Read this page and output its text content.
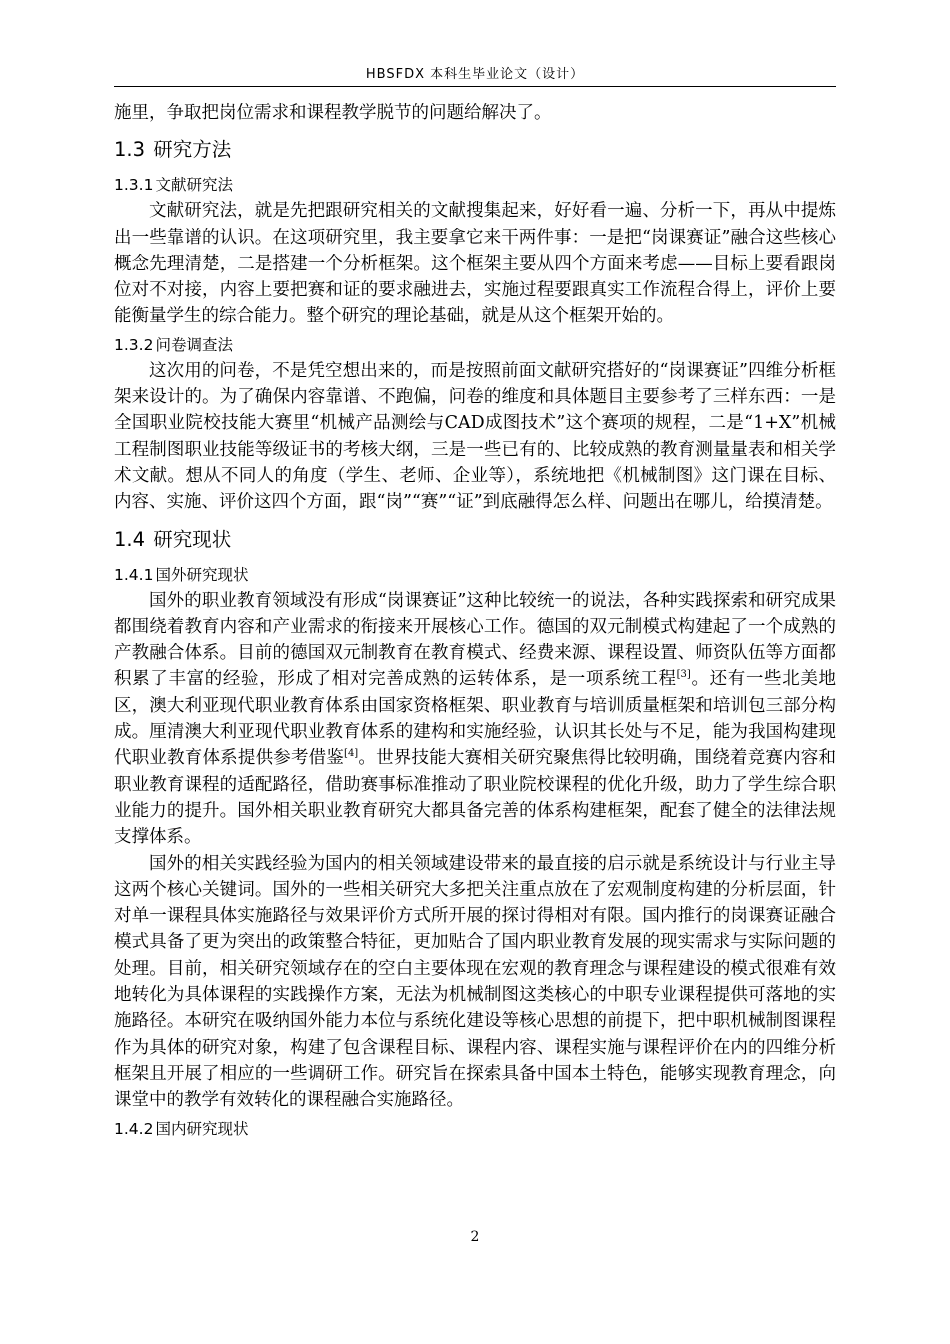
HBSFDX 本科生毕业论文（设计）

施里，争取把岗位需求和课程教学脱节的问题给解决了。

1.3 研究方法
1.3.1 文献研究法

文献研究法，就是先把跟研究相关的文献搜集起来，好好看一遍、分析一下，再从中提炼出一些靠谱的认识。在这项研究里，我主要拿它来干两件事：一是把“岗课赛证”融合这些核心概念先理清楚，二是搭建一个分析框架。这个框架主要从四个方面来考虑——目标上要看跟岗位对不对接，内容上要把赛和证的要求融进去，实施过程要跟真实工作流程合得上，评价上要能衡量学生的综合能力。整个研究的理论基础，就是从这个框架开始的。

1.3.2 问卷调查法

这次用的问卷，不是凭空想出来的，而是按照前面文献研究搭好的“岗课赛证”四维分析框架来设计的。为了确保内容靠谱、不跑偏，问卷的维度和具体题目主要参考了三样东西：一是全国职业院校技能大赛里“机械产品测绘与CAD成图技术”这个赛项的规程，二是“1+X”机械工程制图职业技能等级证书的考核大纲，三是一些已有的、比较成熟的教育测量量表和相关学术文献。想从不同人的角度（学生、老师、企业等），系统地把《机械制图》这门课在目标、内容、实施、评价这四个方面，跟“岗”“赛”“证”到底融得怎么样、问题出在哪儿，给摸清楚。

1.4 研究现状
1.4.1 国外研究现状

国外的职业教育领域没有形成“岗课赛证”这种比较统一的说法，各种实践探索和研究成果都围绕着教育内容和产业需求的衔接来开展核心工作。德国的双元制模式构建起了一个成熟的产教融合体系。目前的德国双元制教育在教育模式、经费来源、课程设置、师资队伍等方面都积累了丰富的经验，形成了相对完善成熟的运转体系，是一项系统工程[3]。还有一些北美地区，澳大利亚现代职业教育体系由国家资格框架、职业教育与培训质量框架和培训包三部分构成。厘清澳大利亚现代职业教育体系的建构和实施经验，认识其长处与不足，能为我国构建现代职业教育体系提供参考借鉴[4]。世界技能大赛相关研究聚焦得比较明确，围绕着竞赛内容和职业教育课程的适配路径，借助赛事标准推动了职业院校课程的优化升级，助力了学生综合职业能力的提升。国外相关职业教育研究大都具备完善的体系构建框架，配套了健全的法律法规支撑体系。

国外的相关实践经验为国内的相关领域建设带来的最直接的启示就是系统设计与行业主导这两个核心关键词。国外的一些相关研究大多把关注重点放在了宏观制度构建的分析层面，针对单一课程具体实施路径与效果评价方式所开展的探讨得相对有限。国内推行的岗课赛证融合模式具备了更为突出的政策整合特征，更加贴合了国内职业教育发展的现实需求与实际问题的处理。目前，相关研究领域存在的空白主要体现在宏观的教育理念与课程建设的模式很难有效地转化为具体课程的实践操作方案，无法为机械制图这类核心的中职专业课程提供可落地的实施路径。本研究在吸纳国外能力本位与系统化建设等核心思想的前提下，把中职机械制图课程作为具体的研究对象，构建了包含课程目标、课程内容、课程实施与课程评价在内的四维分析框架且开展了相应的一些调研工作。研究旨在探索具备中国本土特色，能够实现教育理念，向课堂中的教学有效转化的课程融合实施路径。

1.4.2 国内研究现状
2
